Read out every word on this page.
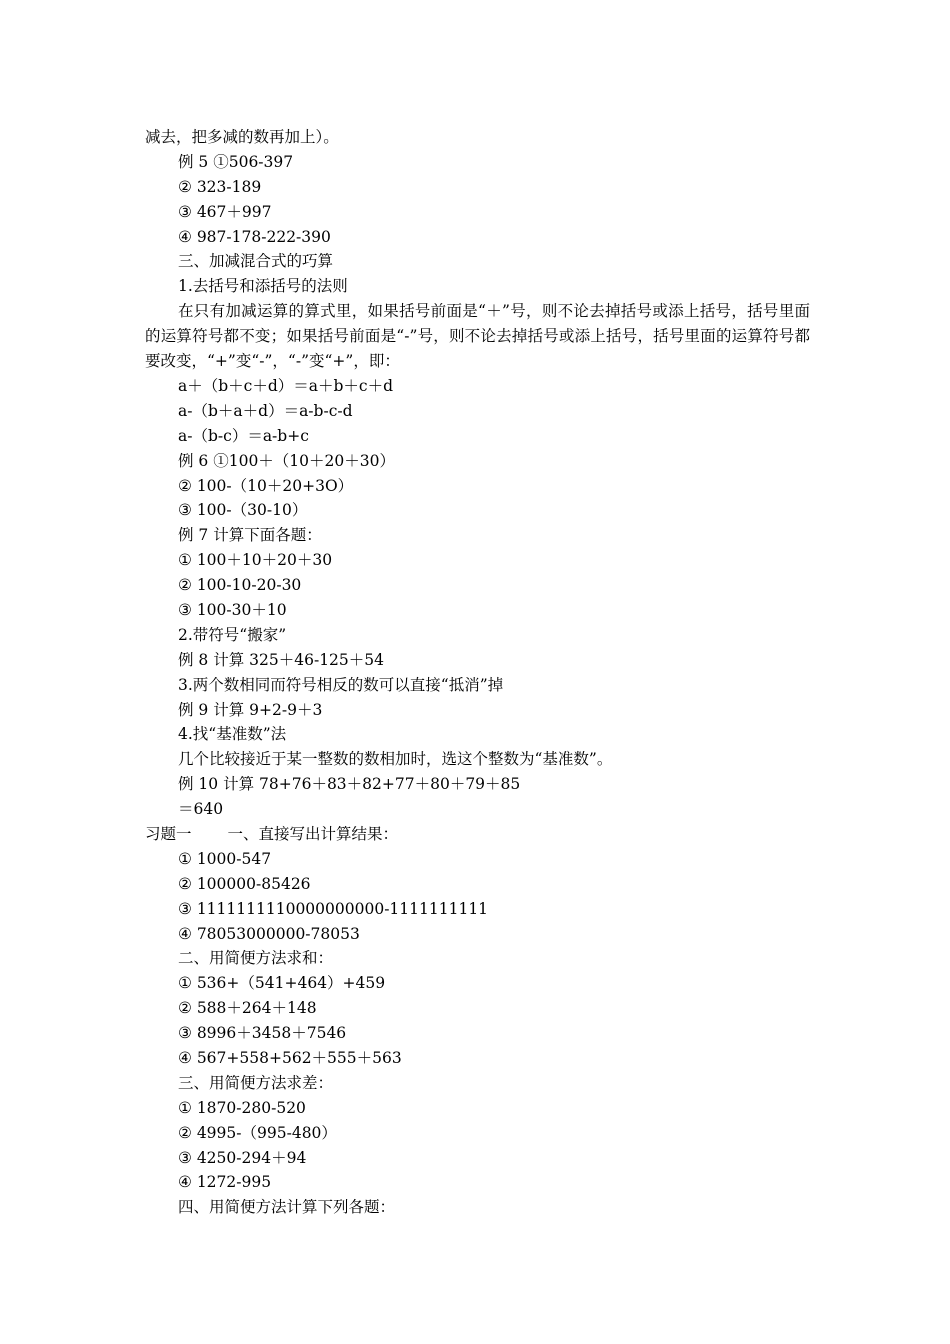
减去，把多减的数再加上）。
例 5 ①506-397
② 323-189
③ 467＋997
④ 987-178-222-390
三、加减混合式的巧算
1.去括号和添括号的法则
在只有加减运算的算式里，如果括号前面是“＋”号，则不论去掉括号或添上括号，括号里面的运算符号都不变；如果括号前面是“-”号，则不论去掉括号或添上括号，括号里面的运算符号都要改变，“+”变“-”，“-”变“+”，即：
a＋（b＋c＋d）＝a＋b＋c＋d
a-（b＋a＋d）＝a-b-c-d
a-（b-c）＝a-b+c
例 6 ①100＋（10＋20＋30）
② 100-（10＋20+3O）
③ 100-（30-10）
例 7 计算下面各题：
① 100＋10＋20＋30
② 100-10-20-30
③ 100-30＋10
2.带符号“搬家”
例 8 计算 325＋46-125＋54
3.两个数相同而符号相反的数可以直接“抵消”掉
例 9 计算 9+2-9＋3
4.找“基准数”法
几个比较接近于某一整数的数相加时，选这个整数为“基准数”。
例 10 计算 78+76＋83＋82+77＋80＋79＋85
＝640
习题一 一、直接写出计算结果：
① 1000-547
② 100000-85426
③ 1111111110000000000-1111111111
④ 78053000000-78053
二、用简便方法求和：
① 536+（541+464）+459
② 588＋264＋148
③ 8996＋3458＋7546
④ 567+558+562＋555＋563
三、用简便方法求差：
① 1870-280-520
② 4995-（995-480）
③ 4250-294＋94
④ 1272-995
四、用简便方法计算下列各题：
